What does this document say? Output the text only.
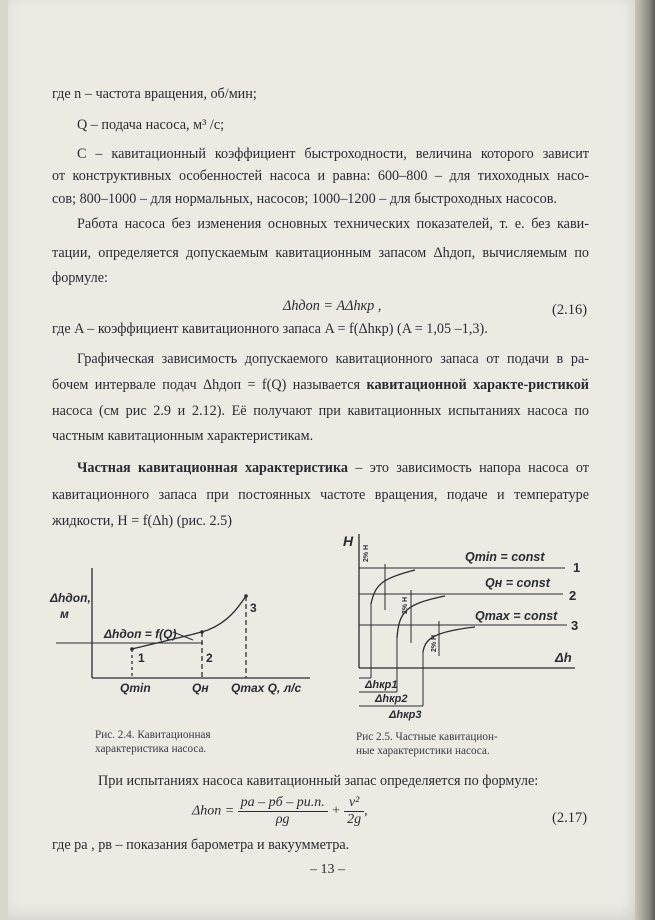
где n – частота вращения, об/мин;
Q – подача насоса, м³ /с;
C – кавитационный коэффициент быстроходности, величина которого зависит
от конструктивных особенностей насоса и равна: 600–800 – для тихоходных насо-
сов; 800–1000 – для нормальных, насосов; 1000–1200 – для быстроходных насосов.
Работа насоса без изменения основных технических показателей, т. е. без кави-
тации, определяется допускаемым кавитационным запасом Δhдоп, вычисляемым по
формуле:
Δhдоп = AΔhкр ,	(2.16)
где A – коэффициент кавитационного запаса A = f(Δhкр) (A = 1,05 –1,3).
Графическая зависимость допускаемого кавитационного запаса от подачи в ра-
бочем интервале подач Δhдоп = f(Q) называется кавитационной характе-ристикой
насоса (см рис 2.9 и 2.12). Её получают при кавитационных испытаниях насоса по
частным кавитационным характеристикам.
Частная кавитационная характеристика – это зависимость напора насоса от
кавитационного запаса при постоянных частоте вращения, подаче и температуре
жидкости, H = f(Δh) (рис. 2.5)
Δhдоп,
м
Δhдоп = f(Q)
Qmin	Qн Qmax Q, л/с
1	2
3
H
Δh
Qmin = const
Qн = const
Qmax = const
Δhкр1
Δhкр2
Δhкр3
1
2
3
2% H
2% H
2% H
Рис. 2.4. Кавитационная
характеристика насоса.
Рис 2.5. Частные кавитацион-
ные характеристики насоса.
При испытаниях насоса кавитационный запас определяется по формуле:
$\Delta hоп = \frac{pа - pб - pи.п.}{\rho g} + \frac{\text{v²}}{2g}$ ,	(2.17)
где pа , pв – показания барометра и вакуумметра.
– 13 –
